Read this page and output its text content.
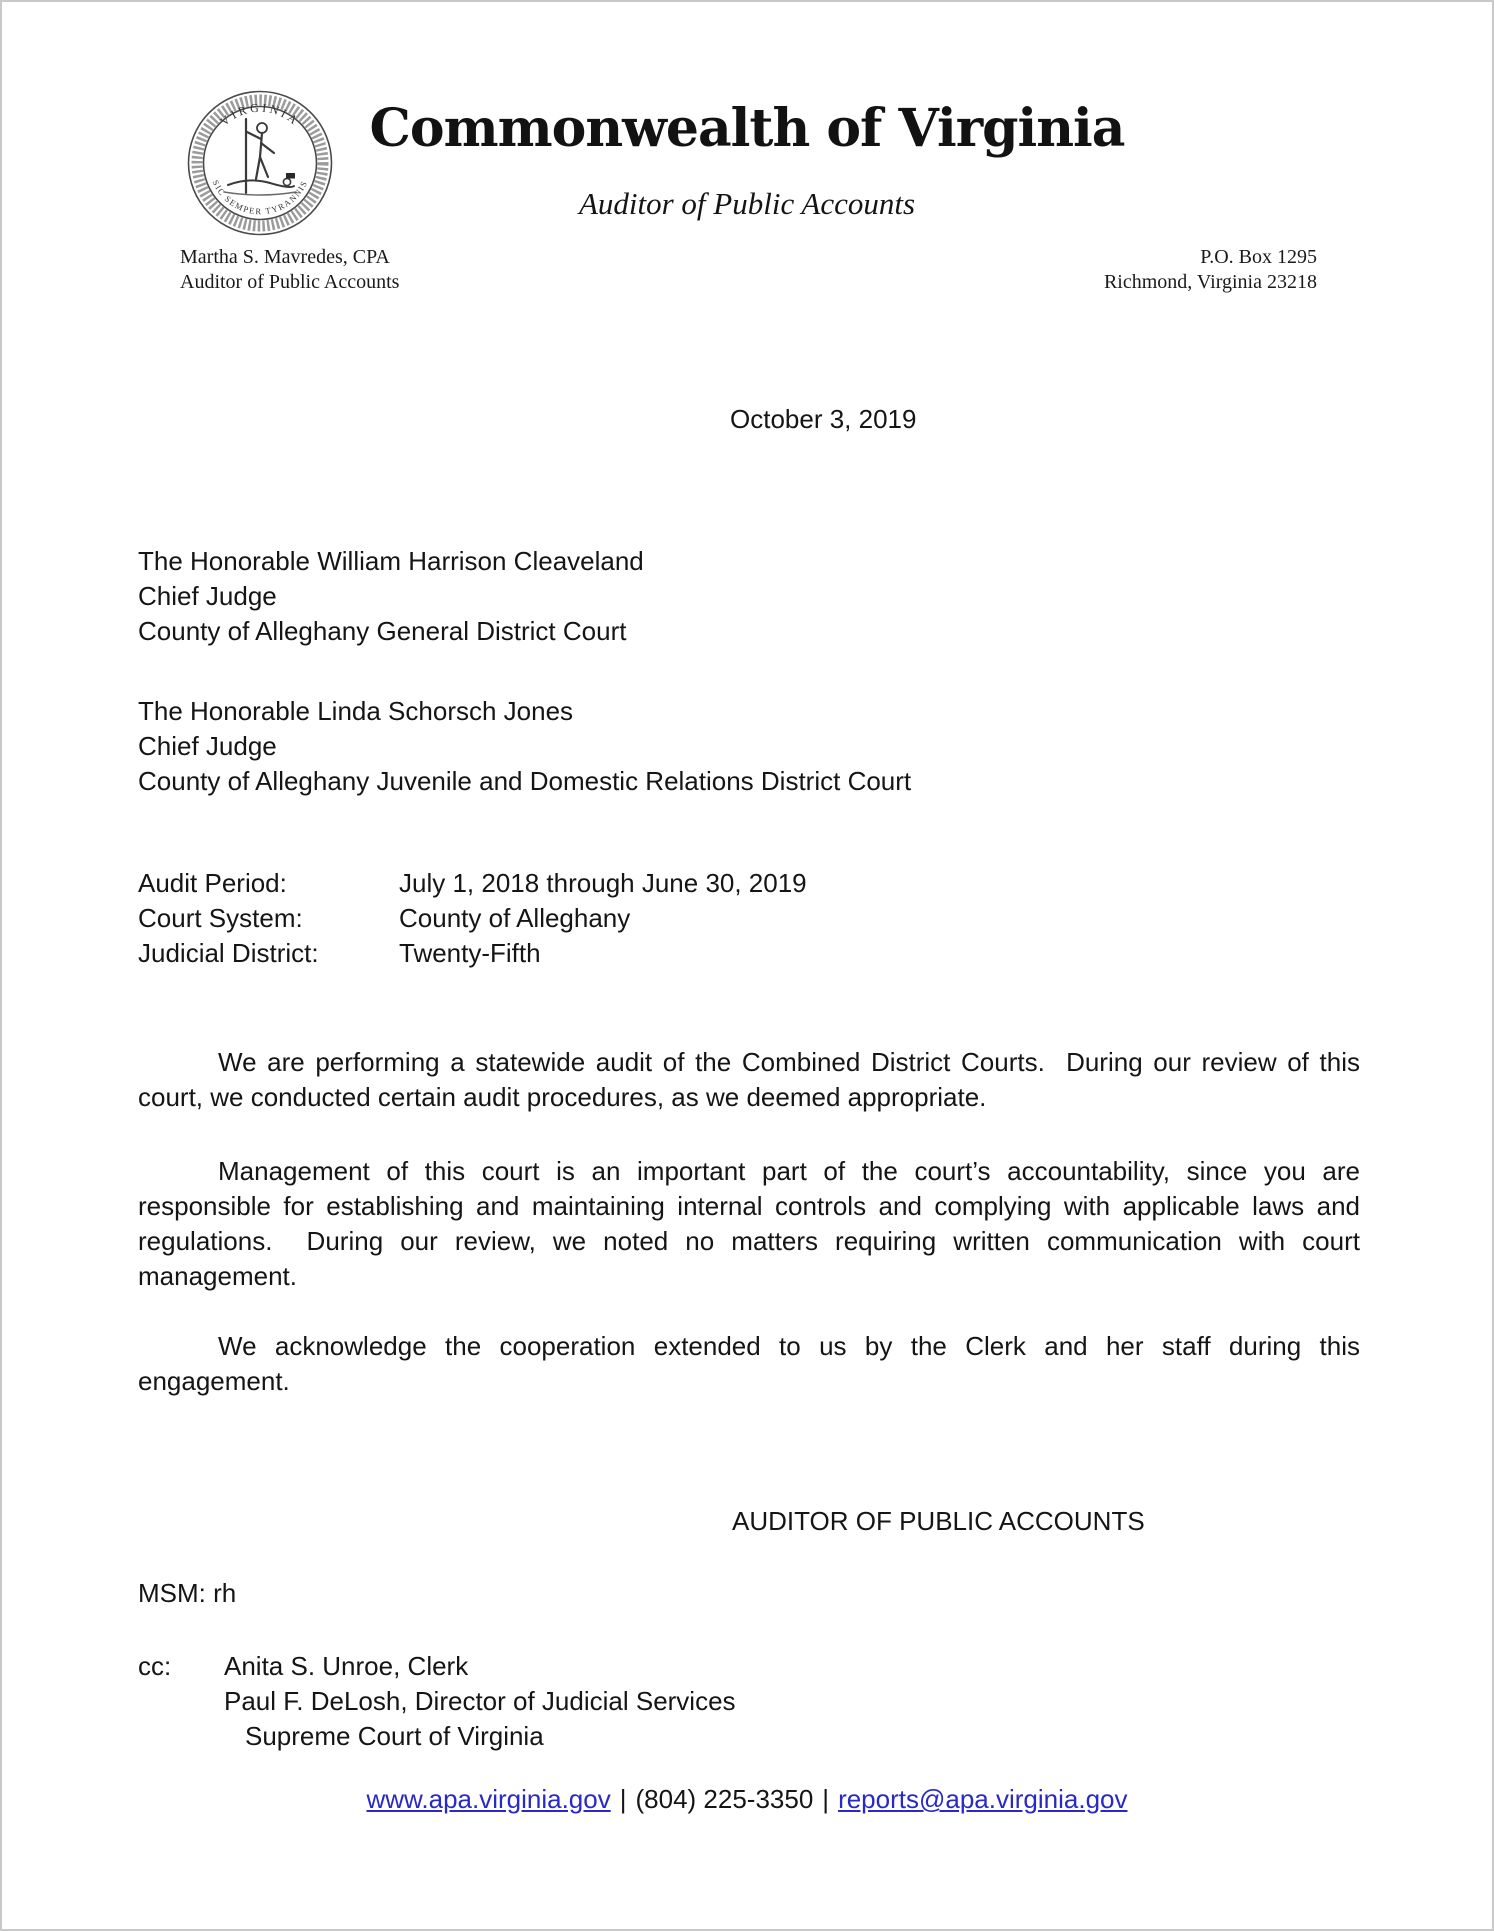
VIRGINIA
SIC SEMPER TYRANNIS
Commonwealth of Virginia
Auditor of Public Accounts
Martha S. Mavredes, CPA
Auditor of Public Accounts
P.O. Box 1295
Richmond, Virginia 23218
October 3, 2019
The Honorable William Harrison Cleaveland
Chief Judge
County of Alleghany General District Court
The Honorable Linda Schorsch Jones
Chief Judge
County of Alleghany Juvenile and Domestic Relations District Court
Audit Period:	July 1, 2018 through June 30, 2019
Court System:	County of Alleghany
Judicial District:	Twenty-Fifth
We are performing a statewide audit of the Combined District Courts.  During our review of this court, we conducted certain audit procedures, as we deemed appropriate.
Management of this court is an important part of the court’s accountability, since you are responsible for establishing and maintaining internal controls and complying with applicable laws and regulations.  During our review, we noted no matters requiring written communication with court management.
We acknowledge the cooperation extended to us by the Clerk and her staff during this engagement.
AUDITOR OF PUBLIC ACCOUNTS
MSM: rh
cc:	Anita S. Unroe, Clerk
Paul F. DeLosh, Director of Judicial Services
Supreme Court of Virginia
www.apa.virginia.gov | (804) 225-3350 | reports@apa.virginia.gov
